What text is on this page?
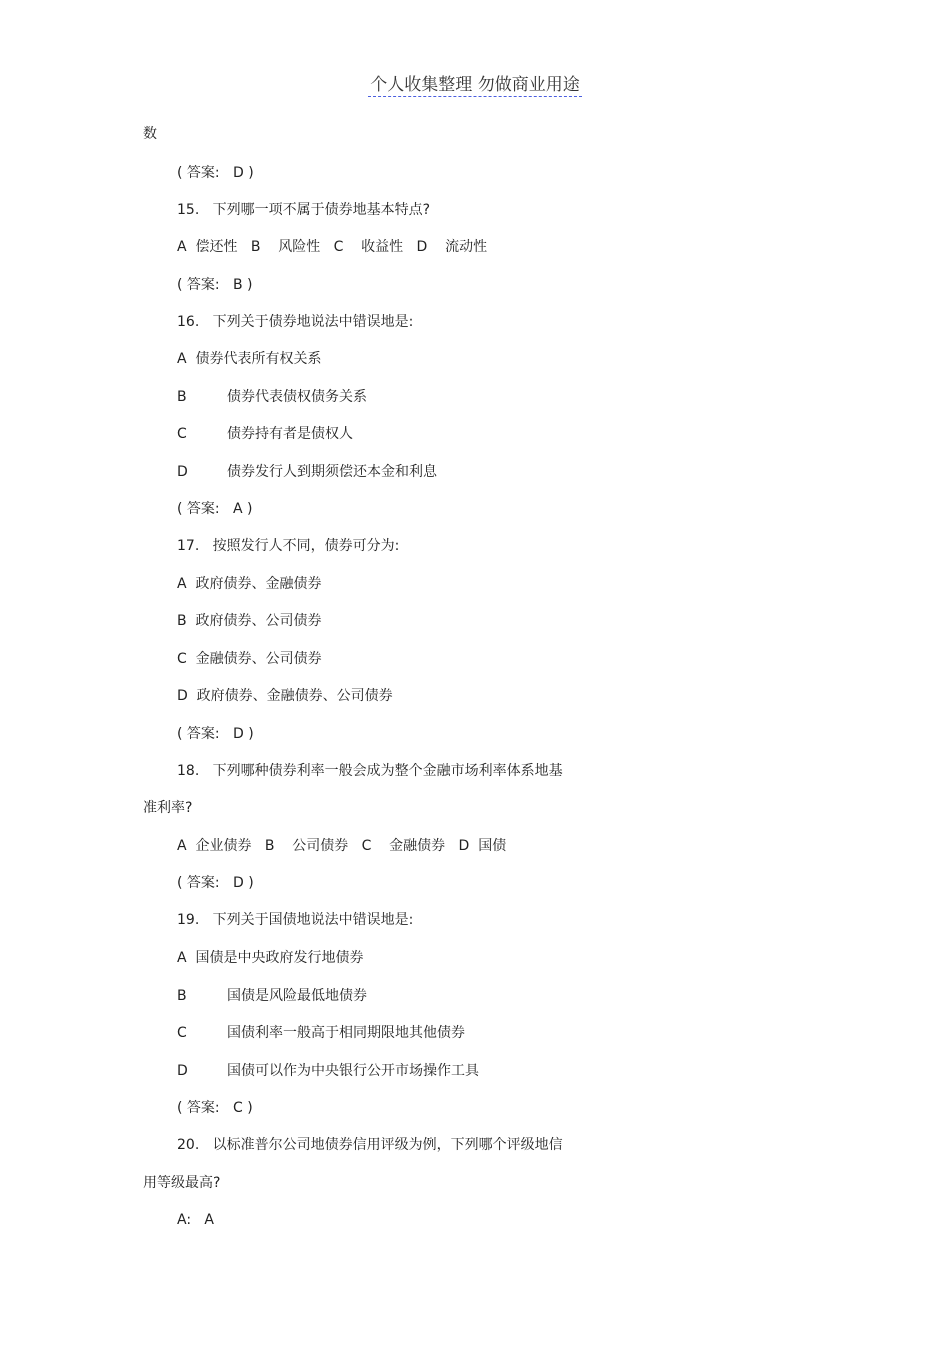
个人收集整理 勿做商业用途
数
( 答案:   D )
15.   下列哪一项不属于债券地基本特点?
A  偿还性   B    风险性   C    收益性   D    流动性
( 答案:   B )
16.   下列关于债券地说法中错误地是:
A  债券代表所有权关系
B	债券代表债权债务关系
C	债券持有者是债权人
D	债券发行人到期须偿还本金和利息
( 答案:   A )
17.   按照发行人不同，债券可分为:
A  政府债券、金融债券
B  政府债券、公司债券
C  金融债券、公司债券
D  政府债券、金融债券、公司债券
( 答案:   D )
18.   下列哪种债券利率一般会成为整个金融市场利率体系地基
准利率?
A  企业债券   B    公司债券   C    金融债券   D  国债
( 答案:   D )
19.   下列关于国债地说法中错误地是:
A  国债是中央政府发行地债券
B	国债是风险最低地债券
C	国债利率一般高于相同期限地其他债券
D	国债可以作为中央银行公开市场操作工具
( 答案:   C )
20.   以标准普尔公司地债券信用评级为例，下列哪个评级地信
用等级最高?
A:   A
